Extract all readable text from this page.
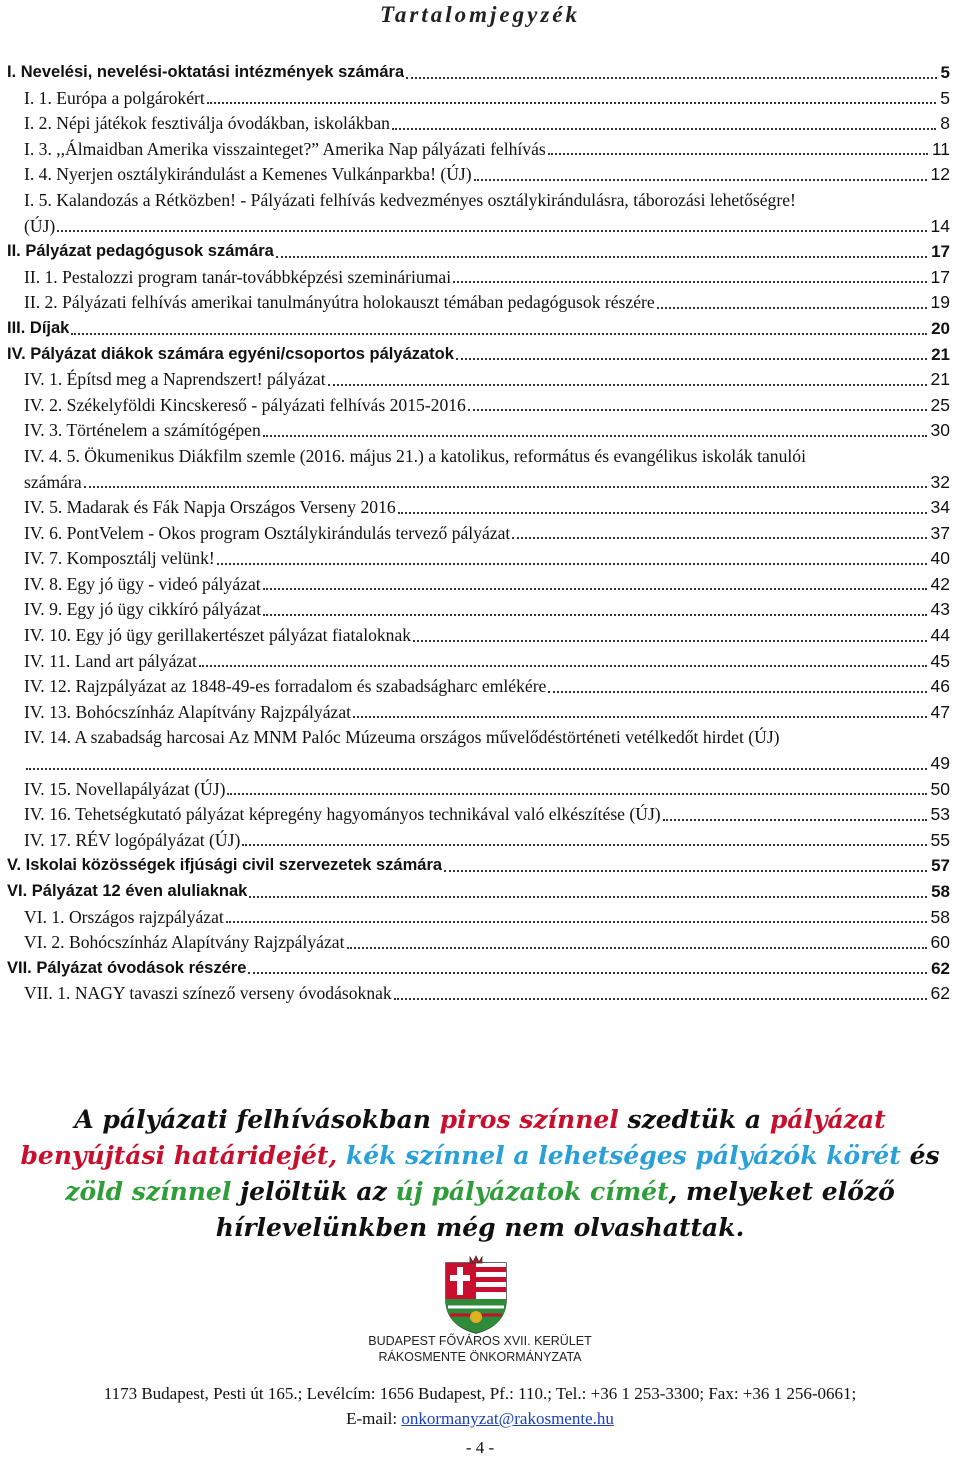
Tartalomjegyzék
I. Nevelési, nevelési-oktatási intézmények számára	5
I. 1. Európa a polgárokért	5
I. 2. Népi játékok fesztiválja óvodákban, iskolákban	8
I. 3. ,,Álmaidban Amerika visszainteget?” Amerika Nap pályázati felhívás	11
I. 4. Nyerjen osztálykirándulást a Kemenes Vulkánparkba! (ÚJ)	12
I. 5. Kalandozás a Rétközben! - Pályázati felhívás kedvezményes osztálykirándulásra, táborozási lehetőségre!
(ÚJ)	14
II. Pályázat pedagógusok számára	17
II. 1. Pestalozzi program tanár-továbbképzési szemináriumai	17
II. 2. Pályázati felhívás amerikai tanulmányútra holokauszt témában pedagógusok részére	19
III. Díjak	20
IV. Pályázat diákok számára egyéni/csoportos pályázatok	21
IV. 1. Építsd meg a Naprendszert! pályázat	21
IV. 2. Székelyföldi Kincskereső - pályázati felhívás 2015-2016	25
IV. 3. Történelem a számítógépen	30
IV. 4. 5. Ökumenikus Diákfilm szemle (2016. május 21.) a katolikus, református és evangélikus iskolák tanulói
számára	32
IV. 5. Madarak és Fák Napja Országos Verseny 2016	34
IV. 6. PontVelem - Okos program Osztálykirándulás tervező pályázat	37
IV. 7. Komposztálj velünk!	40
IV. 8. Egy jó ügy - videó pályázat	42
IV. 9. Egy jó ügy cikkíró pályázat	43
IV. 10. Egy jó ügy gerillakertészet pályázat fiataloknak	44
IV. 11. Land art pályázat	45
IV. 12. Rajzpályázat az 1848-49-es forradalom és szabadságharc emlékére	46
IV. 13. Bohócszínház Alapítvány Rajzpályázat	47
IV. 14. A szabadság harcosai Az MNM Palóc Múzeuma országos művelődéstörténeti vetélkedőt hirdet (ÚJ)
49
IV. 15. Novellapályázat (ÚJ)	50
IV. 16. Tehetségkutató pályázat képregény hagyományos technikával való elkészítése (ÚJ)	53
IV. 17. RÉV logópályázat (ÚJ)	55
V. Iskolai közösségek ifjúsági civil szervezetek számára	57
VI. Pályázat 12 éven aluliaknak	58
VI. 1. Országos rajzpályázat	58
VI. 2. Bohócszínház Alapítvány Rajzpályázat	60
VII. Pályázat óvodások részére	62
VII. 1. NAGY tavaszi színező verseny óvodásoknak	62
A pályázati felhívásokban piros színnel szedtük a pályázat benyújtási határidejét, kék színnel a lehetséges pályázók körét és zöld színnel jelöltük az új pályázatok címét, melyeket előző hírlevelünkben még nem olvashattak.
BUDAPEST FŐVÁROS XVII. KERÜLET
RÁKOSMENTE ÖNKORMÁNYZATA
1173 Budapest, Pesti út 165.; Levélcím: 1656 Budapest, Pf.: 110.; Tel.: +36 1 253-3300; Fax: +36 1 256-0661;
E-mail: onkormanyzat@rakosmente.hu
- 4 -
